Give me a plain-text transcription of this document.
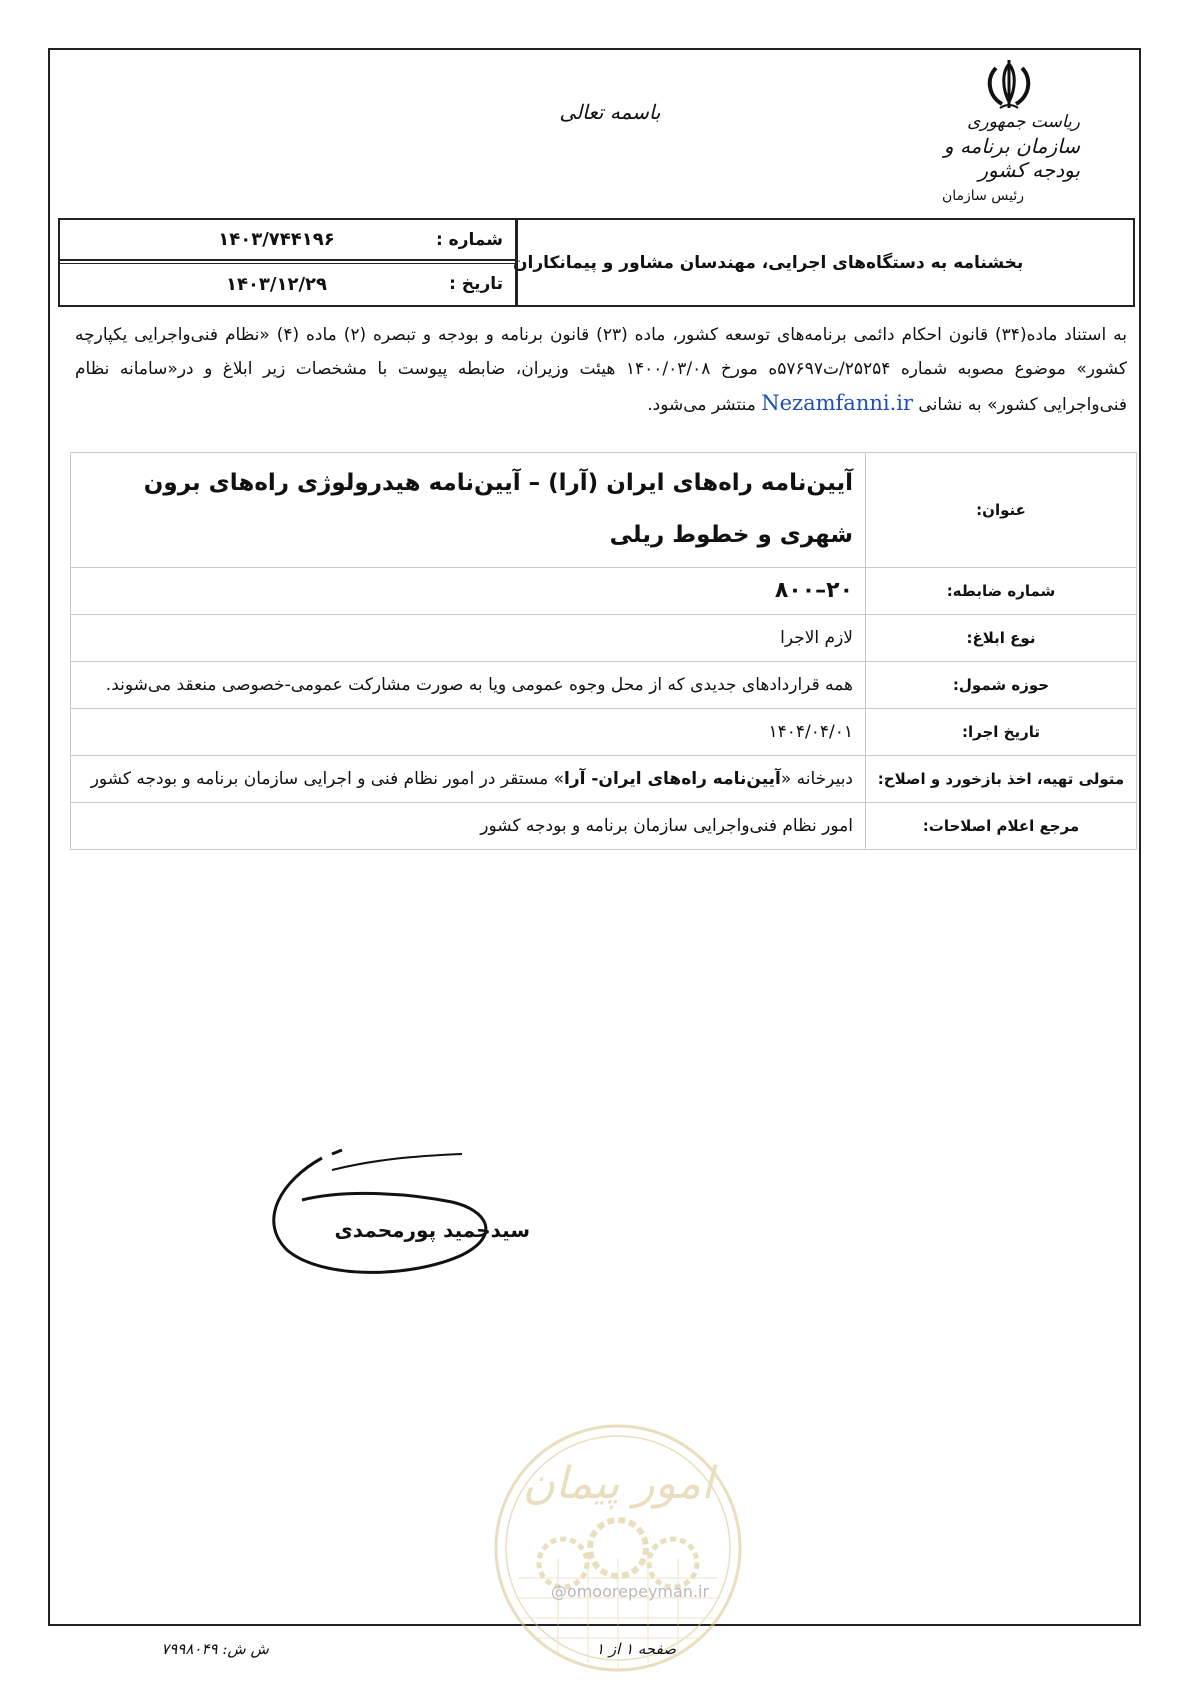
ریاست جمهوری
سازمان برنامه و بودجه کشور
رئیس سازمان
باسمه تعالی
بخشنامه به دستگاه‌های اجرایی، مهندسان مشاور و پیمانکاران
شماره :
۱۴۰۳/۷۴۴۱۹۶
تاریخ :
۱۴۰۳/۱۲/۲۹
به استناد ماده(۳۴) قانون احکام دائمی برنامه‌های توسعه کشور، ماده (۲۳) قانون برنامه و بودجه و تبصره (۲) ماده (۴) «نظام فنی‌واجرایی یکپارچه کشور» موضوع مصوبه شماره ۲۵۲۵۴/ت۵۷۶۹۷ه مورخ ۱۴۰۰/۰۳/۰۸ هیئت وزیران، ضابطه پیوست با مشخصات زیر ابلاغ و در«سامانه نظام فنی‌واجرایی کشور» به نشانی Nezamfanni.ir منتشر می‌شود.
عنوان:	آیین‌نامه راه‌های ایران (آرا) – آیین‌نامه هیدرولوژی راه‌های برون شهری و خطوط ریلی
شماره ضابطه:	۲۰–۸۰۰
نوع ابلاغ:	لازم الاجرا
حوزه شمول:	همه قراردادهای جدیدی که از محل وجوه عمومی ویا به صورت مشارکت عمومی-خصوصی منعقد می‌شوند.
تاریخ اجرا:	۱۴۰۴/۰۴/۰۱
متولی تهیه، اخذ بازخورد و اصلاح:	دبیرخانه «آیین‌نامه راه‌های ایران- آرا» مستقر در امور نظام فنی و اجرایی سازمان برنامه و بودجه کشور
مرجع اعلام اصلاحات:	امور نظام فنی‌واجرایی سازمان برنامه و بودجه کشور
سیدحمید پورمحمدی
امور پیمان
صفحه ۱ از ۱
ش ش: ۷۹۹۸۰۴۹
@omoorepeyman.ir
